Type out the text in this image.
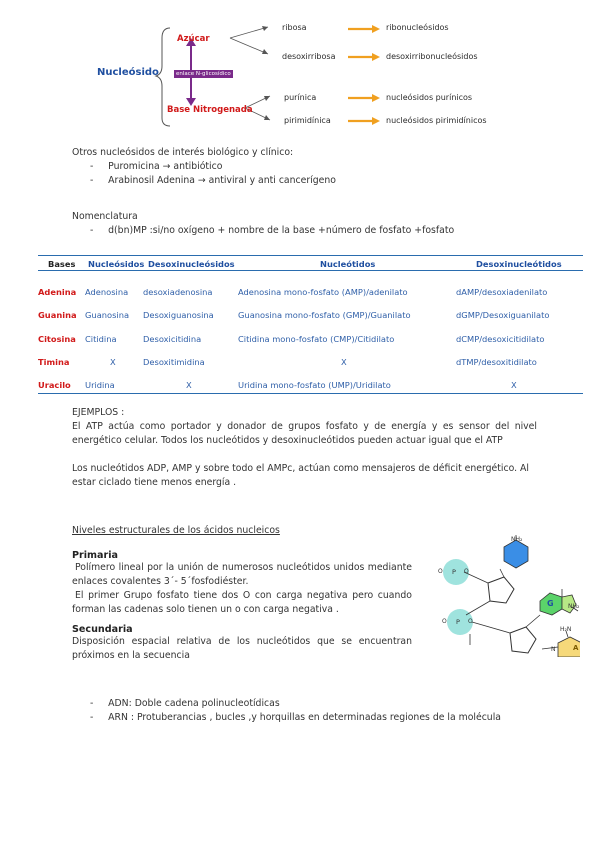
Nucleósido
Azúcar
enlace N-glicosídico
Base Nitrogenada
ribosa
desoxirribosa
purínica
pirimidínica
ribonucleósidos
desoxirribonucleósidos
nucleósidos purínicos
nucleósidos pirimidínicos
Otros nucleósidos de interés biológico y clínico:
-     Puromicina → antibiótico
-     Arabinosil Adenina → antiviral y anti cancerígeno
Nomenclatura
-     d(bn)MP :si/no oxígeno + nombre de la base +número de fosfato +fosfato
Bases Nucleósidos Desoxinucleósidos	Nucleótidos	Desoxinucleótidos
Adenina Adenosina desoxiadenosina	Adenosina mono-fosfato (AMP)/adenilato	dAMP/desoxiadenilato
Guanina Guanosina Desoxiguanosina	Guanosina mono-fosfato (GMP)/Guanilato	dGMP/Desoxiguanilato
Citosina Citidina	Desoxicitidina	Citidina mono-fosfato (CMP)/Citidilato	dCMP/desoxicitidilato
Timina	X	Desoxitimidina	X	dTMP/desoxitidilato
Uracilo Uridina	X	Uridina mono-fosfato (UMP)/Uridilato	X
EJEMPLOS :
El ATP actúa como portador y donador de grupos fosfato y de energía y es sensor del nivel energético celular. Todos los nucleótidos y desoxinucleótidos pueden actuar igual que el ATP
Los nucleótidos ADP, AMP y sobre todo el AMPc, actúan como mensajeros de déficit energético. Al estar ciclado tiene menos energía .
Niveles estructurales de los ácidos nucleicos
Primaria
Polímero lineal por la unión de numerosos nucleótidos unidos mediante enlaces covalentes 3´- 5´fosfodiéster.
El primer Grupo fosfato tiene dos O con carga negativa pero cuando forman las cadenas solo tienen un o con carga negativa .
Secundaria
Disposición espacial relativa de los nucleótidos que se encuentran próximos en la secuencia
-     ADN: Doble cadena polinucleotídicas
-     ARN : Protuberancias , bucles ,y horquillas en determinadas regiones de la molécula
C
G
A
P
P
O	O
O	O
NH₂
NH₂
H₂N
N
